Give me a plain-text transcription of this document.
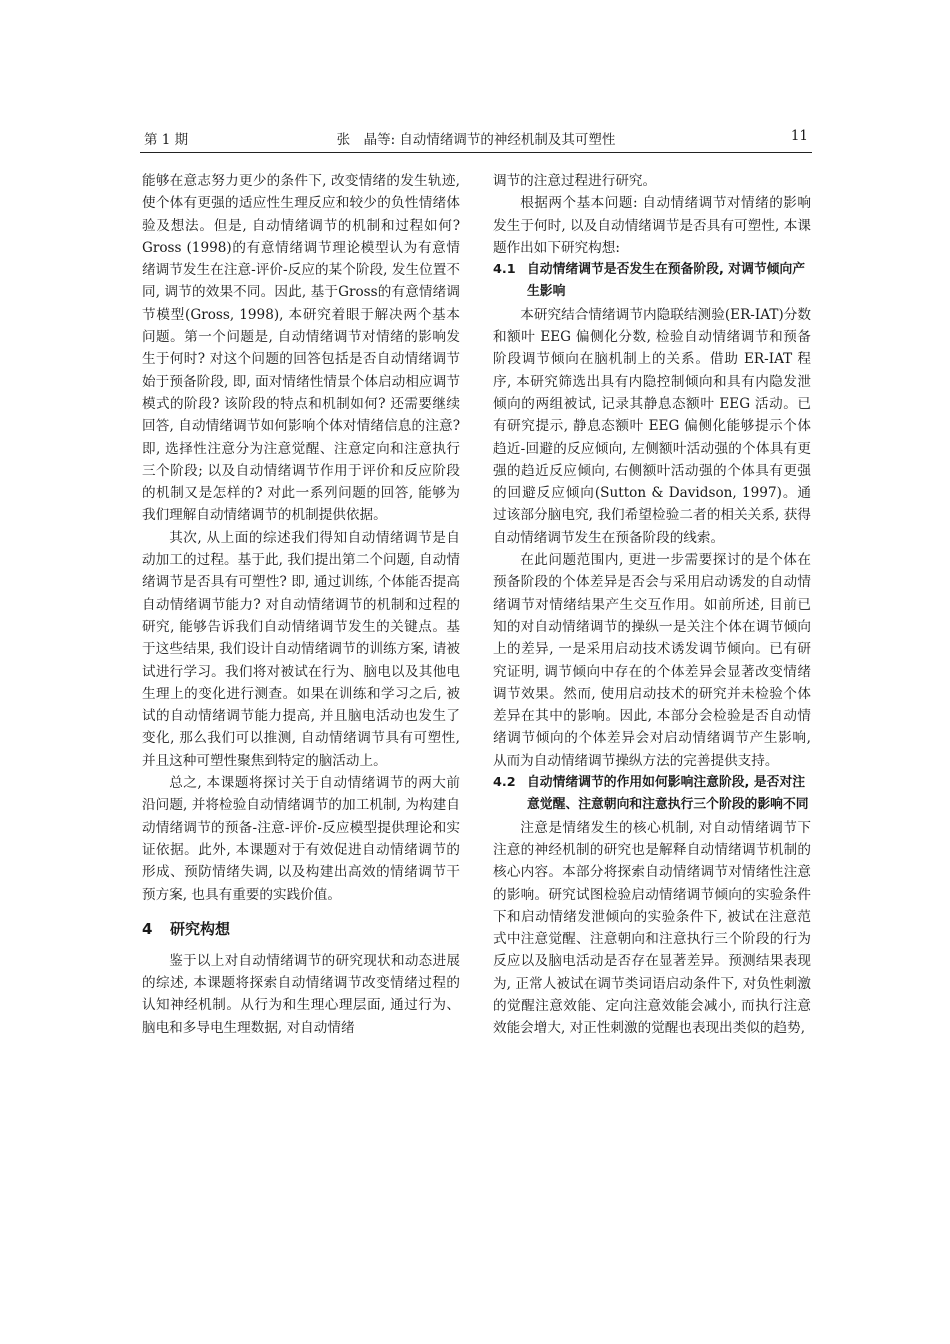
第 1 期	张　晶等: 自动情绪调节的神经机制及其可塑性	11

能够在意志努力更少的条件下, 改变情绪的发生轨迹, 使个体有更强的适应性生理反应和较少的负性情绪体验及想法。但是, 自动情绪调节的机制和过程如何? Gross (1998)的有意情绪调节理论模型认为有意情绪调节发生在注意-评价-反应的某个阶段, 发生位置不同, 调节的效果不同。因此, 基于Gross的有意情绪调节模型(Gross, 1998), 本研究着眼于解决两个基本问题。第一个问题是, 自动情绪调节对情绪的影响发生于何时? 对这个问题的回答包括是否自动情绪调节始于预备阶段, 即, 面对情绪性情景个体启动相应调节模式的阶段? 该阶段的特点和机制如何? 还需要继续回答, 自动情绪调节如何影响个体对情绪信息的注意? 即, 选择性注意分为注意觉醒、注意定向和注意执行三个阶段; 以及自动情绪调节作用于评价和反应阶段的机制又是怎样的? 对此一系列问题的回答, 能够为我们理解自动情绪调节的机制提供依据。

其次, 从上面的综述我们得知自动情绪调节是自动加工的过程。基于此, 我们提出第二个问题, 自动情绪调节是否具有可塑性? 即, 通过训练, 个体能否提高自动情绪调节能力? 对自动情绪调节的机制和过程的研究, 能够告诉我们自动情绪调节发生的关键点。基于这些结果, 我们设计自动情绪调节的训练方案, 请被试进行学习。我们将对被试在行为、脑电以及其他电生理上的变化进行测查。如果在训练和学习之后, 被试的自动情绪调节能力提高, 并且脑电活动也发生了变化, 那么我们可以推测, 自动情绪调节具有可塑性, 并且这种可塑性聚焦到特定的脑活动上。

总之, 本课题将探讨关于自动情绪调节的两大前沿问题, 并将检验自动情绪调节的加工机制, 为构建自动情绪调节的预备-注意-评价-反应模型提供理论和实证依据。此外, 本课题对于有效促进自动情绪调节的形成、预防情绪失调, 以及构建出高效的情绪调节干预方案, 也具有重要的实践价值。

4 研究构想

鉴于以上对自动情绪调节的研究现状和动态进展的综述, 本课题将探索自动情绪调节改变情绪过程的认知神经机制。从行为和生理心理层面, 通过行为、脑电和多导电生理数据, 对自动情绪

调节的注意过程进行研究。

根据两个基本问题: 自动情绪调节对情绪的影响发生于何时, 以及自动情绪调节是否具有可塑性, 本课题作出如下研究构想:

4.1 自动情绪调节是否发生在预备阶段, 对调节倾向产生影响

本研究结合情绪调节内隐联结测验(ER-IAT)分数和额叶 EEG 偏侧化分数, 检验自动情绪调节和预备阶段调节倾向在脑机制上的关系。借助 ER-IAT 程序, 本研究筛选出具有内隐控制倾向和具有内隐发泄倾向的两组被试, 记录其静息态额叶 EEG 活动。已有研究提示, 静息态额叶 EEG 偏侧化能够提示个体趋近-回避的反应倾向, 左侧额叶活动强的个体具有更强的趋近反应倾向, 右侧额叶活动强的个体具有更强的回避反应倾向(Sutton & Davidson, 1997)。通过该部分脑电究, 我们希望检验二者的相关关系, 获得自动情绪调节发生在预备阶段的线索。

在此问题范围内, 更进一步需要探讨的是个体在预备阶段的个体差异是否会与采用启动诱发的自动情绪调节对情绪结果产生交互作用。如前所述, 目前已知的对自动情绪调节的操纵一是关注个体在调节倾向上的差异, 一是采用启动技术诱发调节倾向。已有研究证明, 调节倾向中存在的个体差异会显著改变情绪调节效果。然而, 使用启动技术的研究并未检验个体差异在其中的影响。因此, 本部分会检验是否自动情绪调节倾向的个体差异会对启动情绪调节产生影响, 从而为自动情绪调节操纵方法的完善提供支持。

4.2 自动情绪调节的作用如何影响注意阶段, 是否对注意觉醒、注意朝向和注意执行三个阶段的影响不同

注意是情绪发生的核心机制, 对自动情绪调节下注意的神经机制的研究也是解释自动情绪调节机制的核心内容。本部分将探索自动情绪调节对情绪性注意的影响。研究试图检验启动情绪调节倾向的实验条件下和启动情绪发泄倾向的实验条件下, 被试在注意范式中注意觉醒、注意朝向和注意执行三个阶段的行为反应以及脑电活动是否存在显著差异。预测结果表现为, 正常人被试在调节类词语启动条件下, 对负性刺激的觉醒注意效能、定向注意效能会减小, 而执行注意效能会增大, 对正性刺激的觉醒也表现出类似的趋势,
